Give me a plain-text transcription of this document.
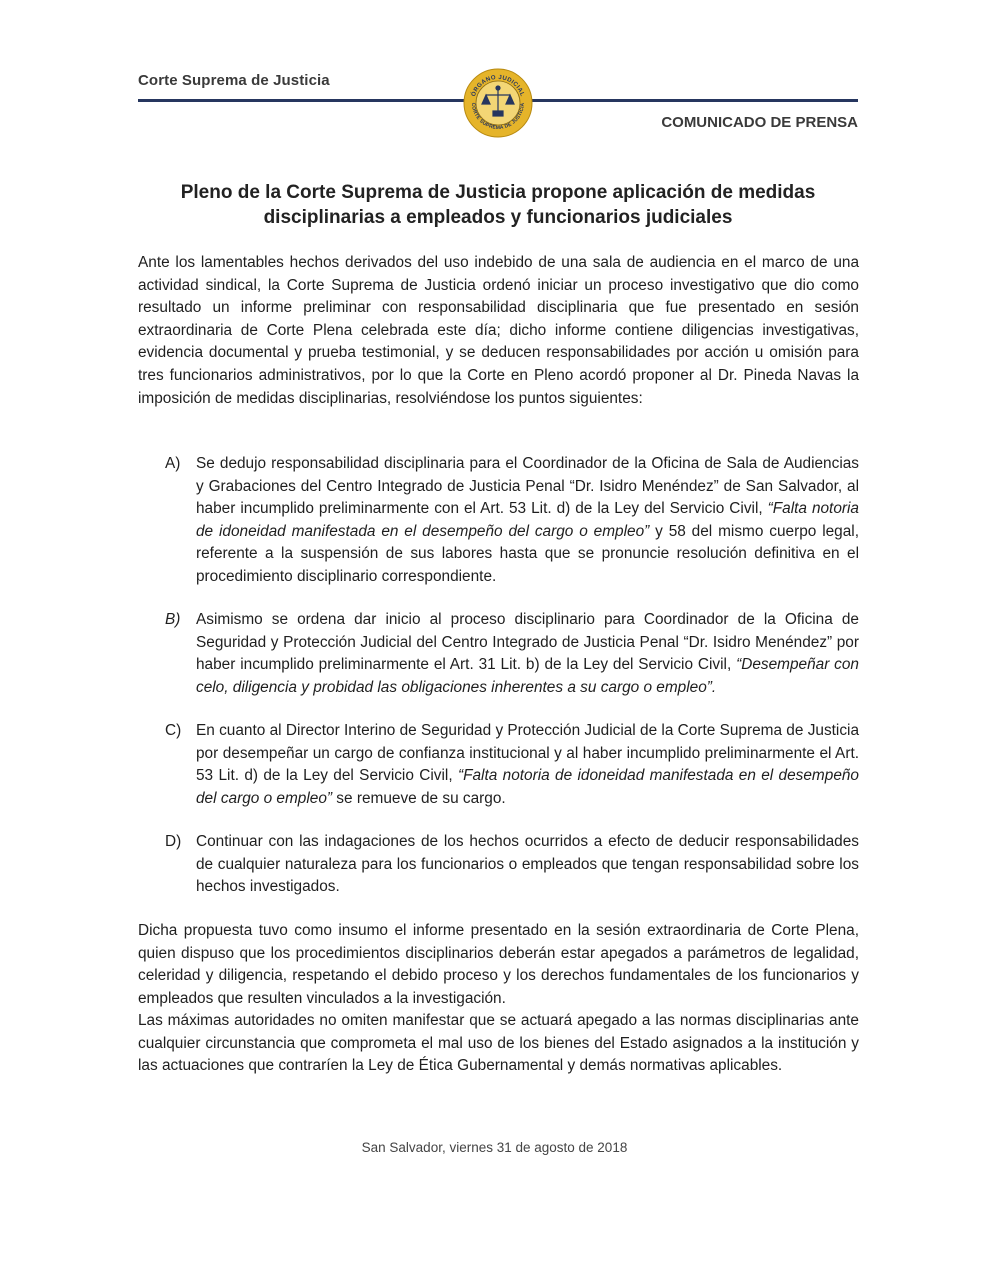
Corte Suprema de Justicia
ÓRGANO JUDICIAL
CORTE SUPREMA DE JUSTICIA
COMUNICADO DE PRENSA
Pleno de la Corte Suprema de Justicia propone aplicación de medidas
disciplinarias a empleados y funcionarios judiciales

Ante los lamentables hechos derivados del uso indebido de una sala de audiencia en el marco de una actividad sindical, la Corte Suprema de Justicia ordenó iniciar un proceso investigativo que dio como resultado un informe preliminar con responsabilidad disciplinaria que fue presentado en sesión extraordinaria de Corte Plena celebrada este día; dicho informe contiene diligencias investigativas, evidencia documental y prueba testimonial, y se deducen responsabilidades por acción u omisión para tres funcionarios administrativos, por lo que la Corte en Pleno acordó proponer al Dr. Pineda Navas la imposición de medidas disciplinarias, resolviéndose los puntos siguientes:

A)	Se dedujo responsabilidad disciplinaria para el Coordinador de la Oficina de Sala de Audiencias y Grabaciones del Centro Integrado de Justicia Penal “Dr. Isidro Menéndez” de San Salvador, al haber incumplido preliminarmente con el Art. 53 Lit. d) de la Ley del Servicio Civil, “Falta notoria de idoneidad manifestada en el desempeño del cargo o empleo” y 58 del mismo cuerpo legal, referente a la suspensión de sus labores hasta que se pronuncie resolución definitiva en el procedimiento disciplinario correspondiente.
B)	Asimismo se ordena dar inicio al proceso disciplinario para Coordinador de la Oficina de Seguridad y Protección Judicial del Centro Integrado de Justicia Penal “Dr. Isidro Menéndez” por haber incumplido preliminarmente el Art. 31 Lit. b) de la Ley del Servicio Civil, “Desempeñar con celo, diligencia y probidad las obligaciones inherentes a su cargo o empleo”.
C) En cuanto al Director Interino de Seguridad y Protección Judicial de la Corte Suprema de Justicia por desempeñar un cargo de confianza institucional y al haber incumplido preliminarmente el Art. 53 Lit. d) de la Ley del Servicio Civil, “Falta notoria de idoneidad manifestada en el desempeño del cargo o empleo” se remueve de su cargo.
D) Continuar con las indagaciones de los hechos ocurridos a efecto de deducir responsabilidades de cualquier naturaleza para los funcionarios o empleados que tengan responsabilidad sobre los hechos investigados.

Dicha propuesta tuvo como insumo el informe presentado en la sesión extraordinaria de Corte Plena, quien dispuso que los procedimientos disciplinarios deberán estar apegados a parámetros de legalidad, celeridad y diligencia, respetando el debido proceso y los derechos fundamentales de los funcionarios y empleados que resulten vinculados a la investigación.

Las máximas autoridades no omiten manifestar que se actuará apegado a las normas disciplinarias ante cualquier circunstancia que comprometa el mal uso de los bienes del Estado asignados a la institución y las actuaciones que contraríen la Ley de Ética Gubernamental y demás normativas aplicables.

San Salvador, viernes 31 de agosto de 2018
